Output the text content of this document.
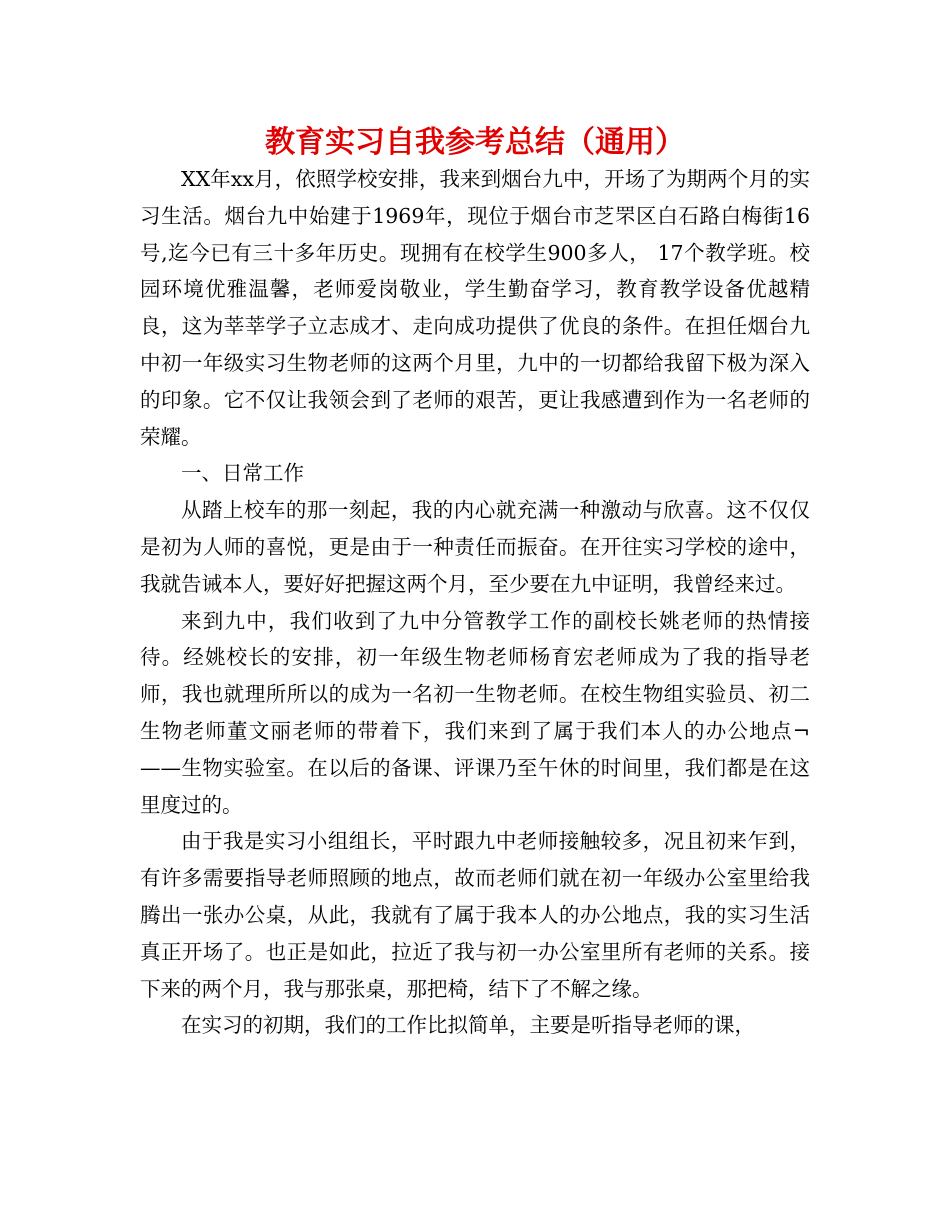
教育实习自我参考总结（通用）

XX年xx月，依照学校安排，我来到烟台九中，开场了为期两个月的实习生活。烟台九中始建于1969年，现位于烟台市芝罘区白石路白梅街16号,迄今已有三十多年历史。现拥有在校学生900多人， 17个教学班。校园环境优雅温馨，老师爱岗敬业，学生勤奋学习，教育教学设备优越精良，这为莘莘学子立志成才、走向成功提供了优良的条件。在担任烟台九中初一年级实习生物老师的这两个月里，九中的一切都给我留下极为深入的印象。它不仅让我领会到了老师的艰苦，更让我感遭到作为一名老师的荣耀。

一、日常工作

从踏上校车的那一刻起，我的内心就充满一种激动与欣喜。这不仅仅是初为人师的喜悦，更是由于一种责任而振奋。在开往实习学校的途中，我就告诫本人，要好好把握这两个月，至少要在九中证明，我曾经来过。

来到九中，我们收到了九中分管教学工作的副校长姚老师的热情接待。经姚校长的安排，初一年级生物老师杨育宏老师成为了我的指导老师，我也就理所所以的成为一名初一生物老师。在校生物组实验员、初二生物老师董文丽老师的带着下，我们来到了属于我们本人的办公地点¬——生物实验室。在以后的备课、评课乃至午休的时间里，我们都是在这里度过的。

由于我是实习小组组长，平时跟九中老师接触较多，况且初来乍到，有许多需要指导老师照顾的地点，故而老师们就在初一年级办公室里给我腾出一张办公桌，从此，我就有了属于我本人的办公地点，我的实习生活真正开场了。也正是如此，拉近了我与初一办公室里所有老师的关系。接下来的两个月，我与那张桌，那把椅，结下了不解之缘。

在实习的初期，我们的工作比拟简单，主要是听指导老师的课，
